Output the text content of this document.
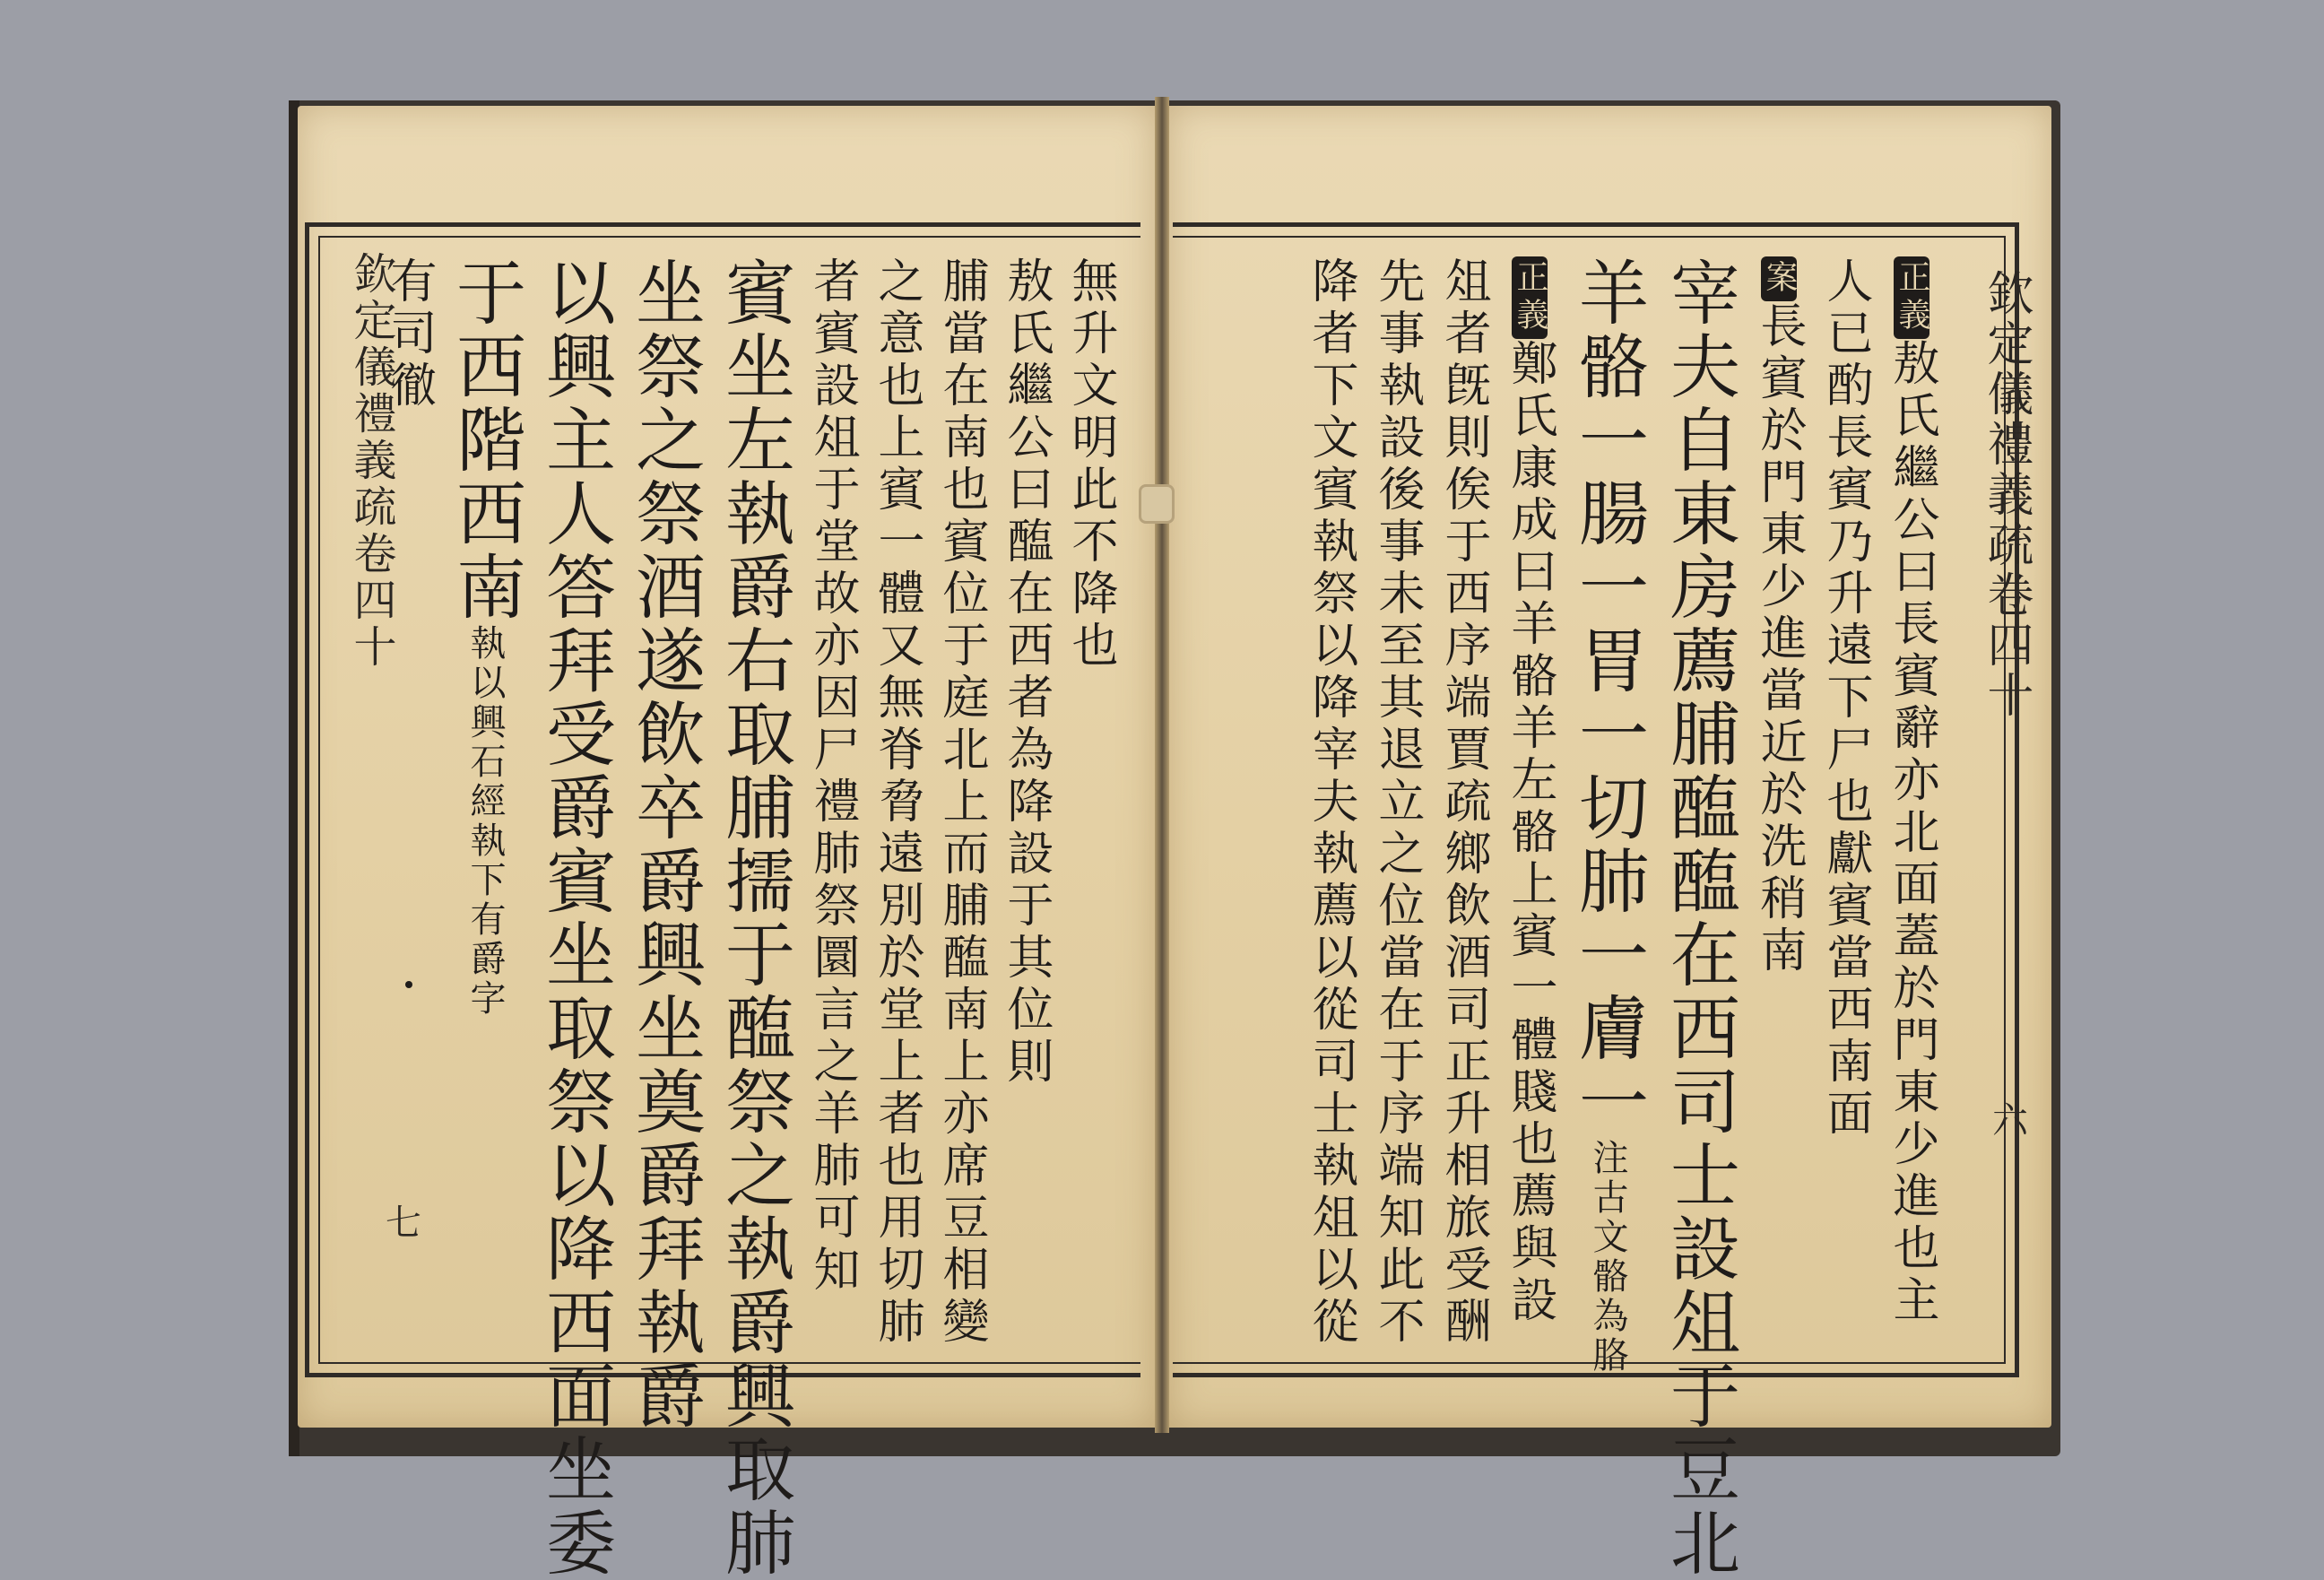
欽定儀禮義疏卷四十
六
欽定儀禮義疏卷四十
七
正義敖氏繼公曰長賓辭亦北面蓋於門東少進也主
人已酌長賓乃升遠下尸也獻賓當西南面
案長賓於門東少進當近於洗稍南
宰夫自東房薦脯醢醢在西司士設俎于豆北
羊骼一腸一胃一切肺一膚一注古文骼為胳
正義鄭氏康成曰羊骼羊左骼上賓一體賤也薦與設
俎者旣則俟于西序端賈疏鄉飲酒司正升相旅受酬
先事執設後事未至其退立之位當在于序端知此不
降者下文賓執祭以降宰夫執薦以從司士執俎以從
無升文明此不降也
敖氏繼公曰醢在西者為降設于其位則
脯當在南也賓位于庭北上而脯醢南上亦席豆相變
之意也上賓一體又無脊脅遠別於堂上者也用切肺
者賓設俎于堂故亦因尸禮肺祭圜言之羊肺可知
賓坐左執爵右取脯擩于醢祭之執爵興取肺
坐祭之祭酒遂飲卒爵興坐奠爵拜執爵
以興主人答拜受爵賓坐取祭以降西面坐委
于西階西南執以興石經執下有爵字
有司徹
